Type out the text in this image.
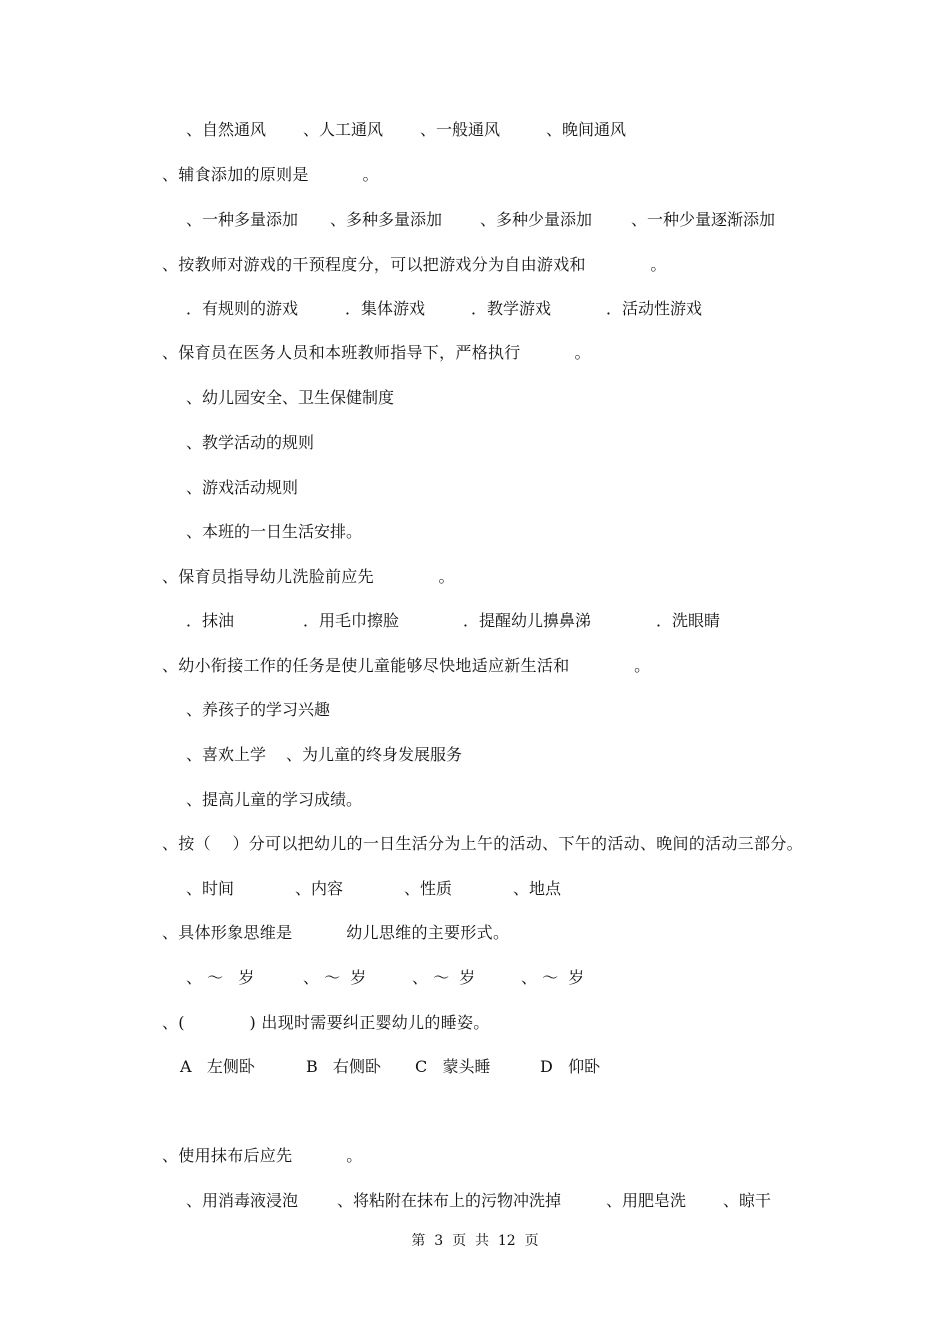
、自然通风 、人工通风 、一般通风	、晚间通风
、辅食添加的原则是          。
、一种多量添加 、多种多量添加 、多种少量添加 、一种少量逐渐添加
、按教师对游戏的干预程度分，可以把游戏分为自由游戏和            。
．有规则的游戏	．集体游戏	．教学游戏	．活动性游戏
、保育员在医务人员和本班教师指导下，严格执行          。
、幼儿园安全、卫生保健制度
、教学活动的规则
、游戏活动规则
、本班的一日生活安排。
、保育员指导幼儿洗脸前应先            。
．抹油	．用毛巾擦脸	．提醒幼儿擤鼻涕	．洗眼睛
、幼小衔接工作的任务是使儿童能够尽快地适应新生活和            。
、养孩子的学习兴趣
、喜欢上学 、为儿童的终身发展服务
、提高儿童的学习成绩。
、按（    ）分可以把幼儿的一日生活分为上午的活动、下午的活动、晚间的活动三部分。
、时间	、内容	、性质	、地点
、具体形象思维是          幼儿思维的主要形式。
、 ～   岁	、 ～  岁	、 ～  岁	、 ～  岁
、(            ) 出现时需要纠正婴幼儿的睡姿。
A   左侧卧	B   右侧卧 C   蒙头睡	D   仰卧
、使用抹布后应先          。
、用消毒液浸泡 、将粘附在抹布上的污物冲洗掉	、用肥皂洗 、晾干
第  3  页  共  12  页
